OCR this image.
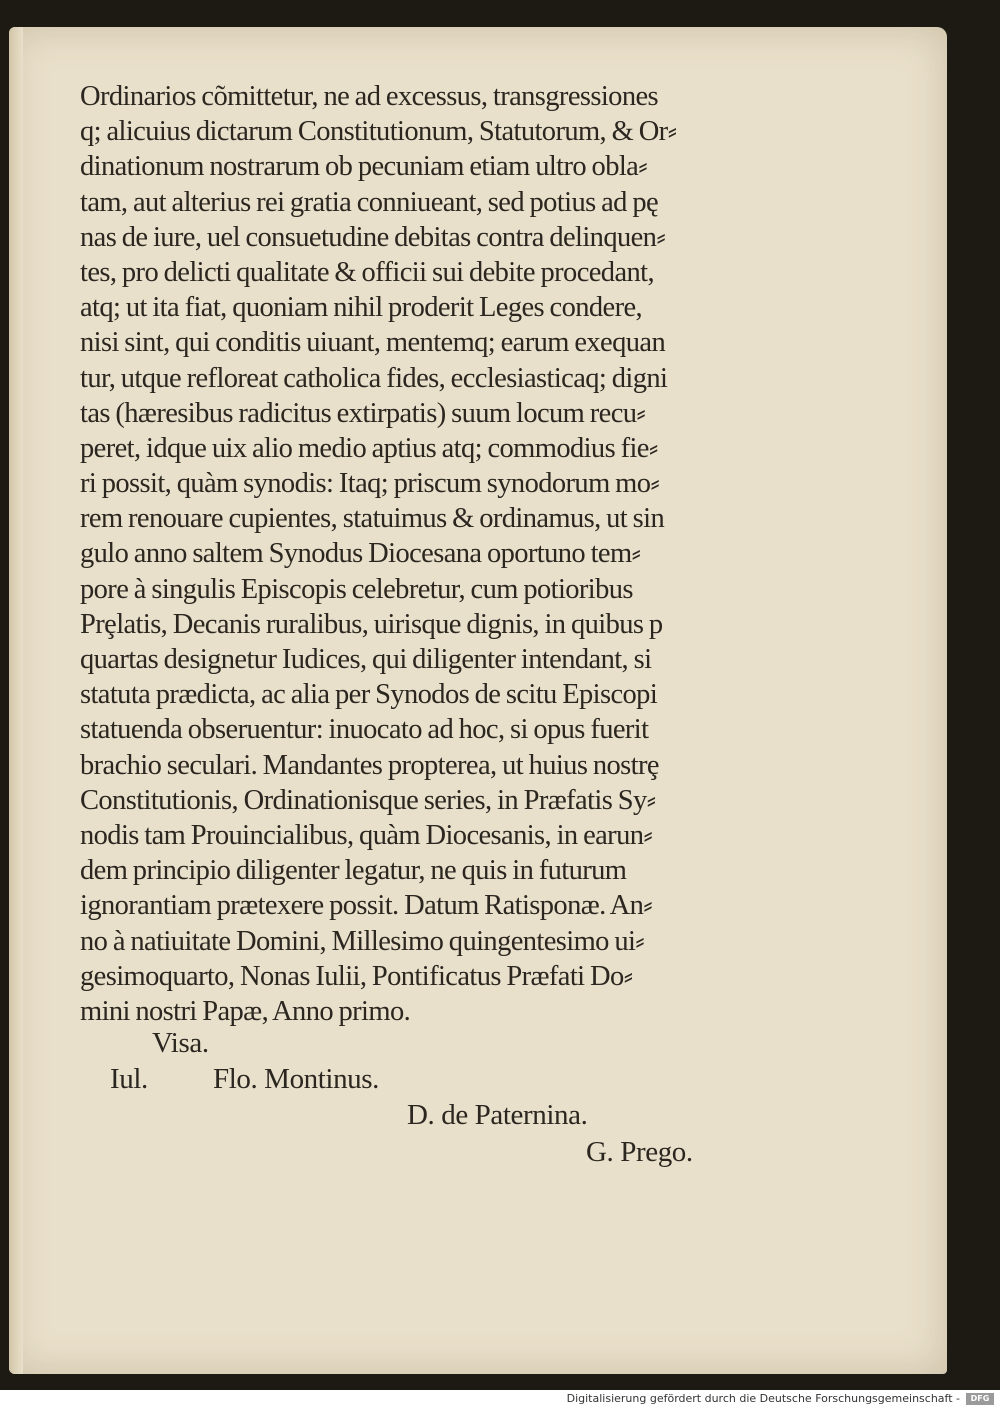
Ordinarios cõmittetur, ne ad excessus, transgressiones
q; alicuius dictarum Constitutionum, Statutorum, & Or⸗
dinationum nostrarum ob pecuniam etiam ultro obla⸗
tam, aut alterius rei gratia conniueant, sed potius ad pę
nas de iure, uel consuetudine debitas contra delinquen⸗
tes, pro delicti qualitate & officii sui debite procedant,
atq; ut ita fiat, quoniam nihil proderit Leges condere,
nisi sint, qui conditis uiuant, mentemq; earum exequan
tur, utque refloreat catholica fides, ecclesiasticaq; digni
tas (hæresibus radicitus extirpatis) suum locum recu⸗
peret, idque uix alio medio aptius atq; commodius fie⸗
ri possit, quàm synodis: Itaq; priscum synodorum mo⸗
rem renouare cupientes, statuimus & ordinamus, ut sin
gulo anno saltem Synodus Diocesana oportuno tem⸗
pore à singulis Episcopis celebretur, cum potioribus
Prȩlatis, Decanis ruralibus, uirisque dignis, in quibus p
quartas designetur Iudices, qui diligenter intendant, si
statuta prædicta, ac alia per Synodos de scitu Episcopi
statuenda obseruentur: inuocato ad hoc, si opus fuerit
brachio seculari. Mandantes propterea, ut huius nostrȩ
Constitutionis, Ordinationisque series, in Præfatis Sy⸗
nodis tam Prouincialibus, quàm Diocesanis, in earun⸗
dem principio diligenter legatur, ne quis in futurum
ignorantiam prætexere possit. Datum Ratisponæ. An⸗
no à natiuitate Domini, Millesimo quingentesimo ui⸗
gesimoquarto, Nonas Iulii, Pontificatus Præfati Do⸗
mini nostri Papæ, Anno primo.
Visa.
Iul. Flo. Montinus.
D. de Paternina.
G. Prego.
Digitalisierung gefördert durch die Deutsche Forschungsgemeinschaft -	DFG
